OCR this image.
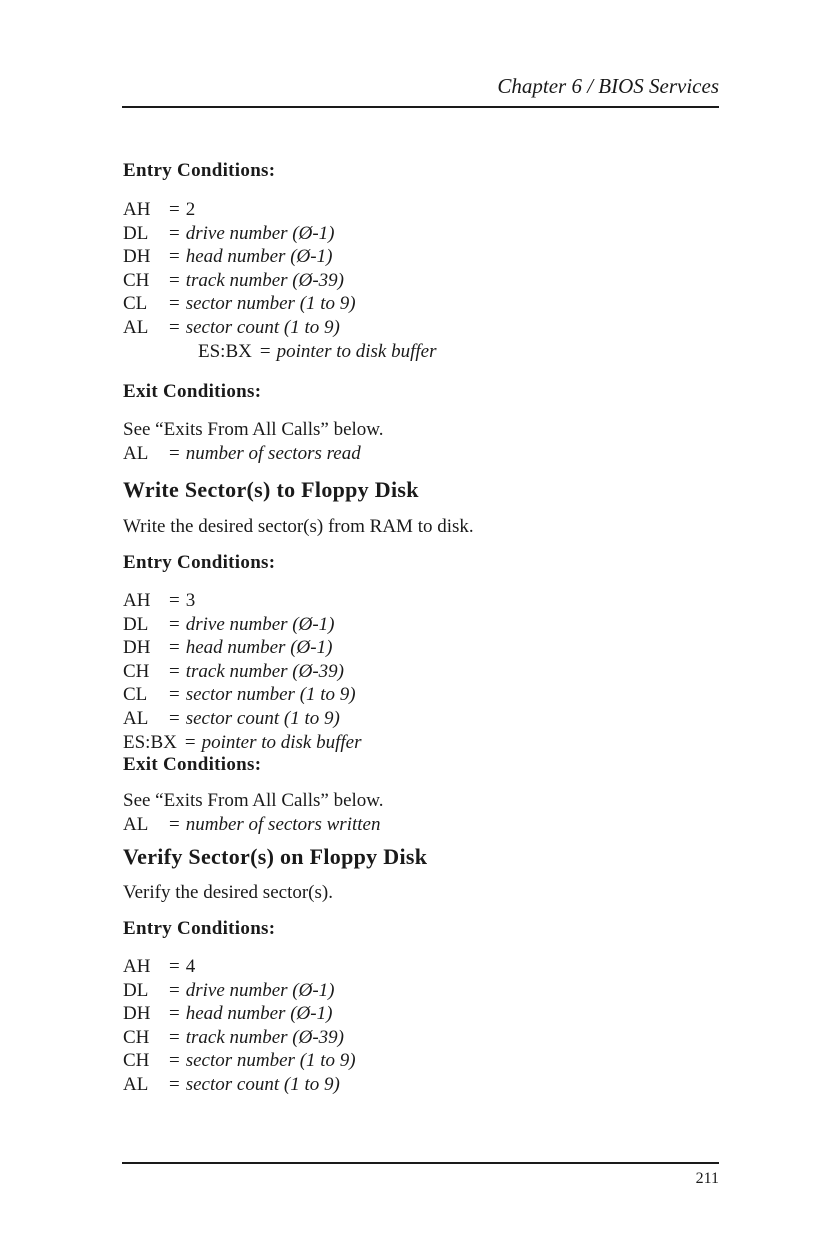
Chapter 6 / BIOS Services
Entry Conditions:
AH = 2
DL = drive number (Ø-1)
DH = head number (Ø-1)
CH = track number (Ø-39)
CL = sector number (1 to 9)
AL = sector count (1 to 9)
ES:BX = pointer to disk buffer
Exit Conditions:
See “Exits From All Calls” below.
AL = number of sectors read
Write Sector(s) to Floppy Disk
Write the desired sector(s) from RAM to disk.
Entry Conditions:
AH = 3
DL = drive number (Ø-1)
DH = head number (Ø-1)
CH = track number (Ø-39)
CL = sector number (1 to 9)
AL = sector count (1 to 9)
ES:BX = pointer to disk buffer
Exit Conditions:
See “Exits From All Calls” below.
AL = number of sectors written
Verify Sector(s) on Floppy Disk
Verify the desired sector(s).
Entry Conditions:
AH = 4
DL = drive number (Ø-1)
DH = head number (Ø-1)
CH = track number (Ø-39)
CH = sector number (1 to 9)
AL = sector count (1 to 9)
211
